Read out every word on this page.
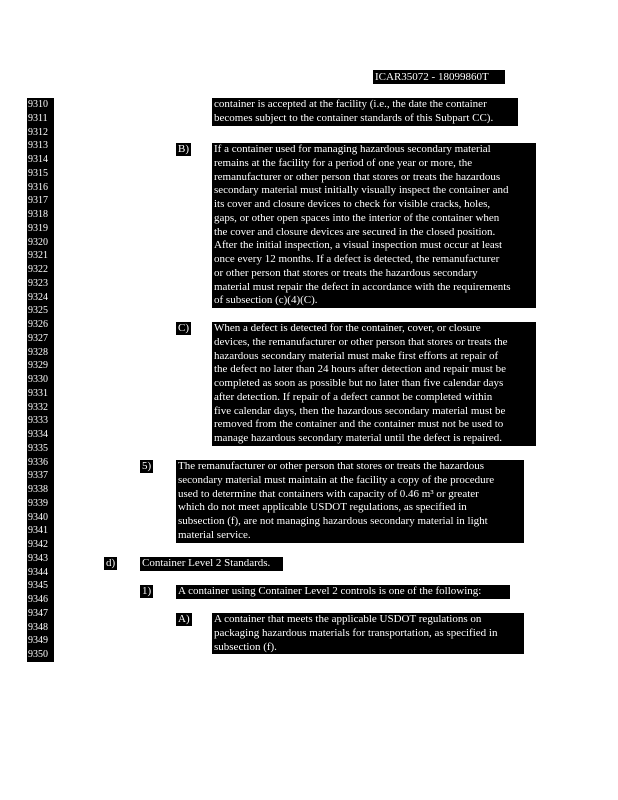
ICAR35072 - 18099860T
9310
9311
9312
9313
9314
9315
9316
9317
9318
9319
9320
9321
9322
9323
9324
9325
9326
9327
9328
9329
9330
9331
9332
9333
9334
9335
9336
9337
9338
9339
9340
9341
9342
9343
9344
9345
9346
9347
9348
9349
9350
container is accepted at the facility (i.e., the date the container
becomes subject to the container standards of this Subpart CC).
B) If a container used for managing hazardous secondary material
remains at the facility for a period of one year or more, the
remanufacturer or other person that stores or treats the hazardous
secondary material must initially visually inspect the container and
its cover and closure devices to check for visible cracks, holes,
gaps, or other open spaces into the interior of the container when
the cover and closure devices are secured in the closed position.
After the initial inspection, a visual inspection must occur at least
once every 12 months. If a defect is detected, the remanufacturer
or other person that stores or treats the hazardous secondary
material must repair the defect in accordance with the requirements
of subsection (c)(4)(C).
C) When a defect is detected for the container, cover, or closure
devices, the remanufacturer or other person that stores or treats the
hazardous secondary material must make first efforts at repair of
the defect no later than 24 hours after detection and repair must be
completed as soon as possible but no later than five calendar days
after detection. If repair of a defect cannot be completed within
five calendar days, then the hazardous secondary material must be
removed from the container and the container must not be used to
manage hazardous secondary material until the defect is repaired.
5) The remanufacturer or other person that stores or treats the hazardous
secondary material must maintain at the facility a copy of the procedure
used to determine that containers with capacity of 0.46 m³ or greater
which do not meet applicable USDOT regulations, as specified in
subsection (f), are not managing hazardous secondary material in light
material service.
d) Container Level 2 Standards.
1) A container using Container Level 2 controls is one of the following:
A) A container that meets the applicable USDOT regulations on
packaging hazardous materials for transportation, as specified in
subsection (f).
